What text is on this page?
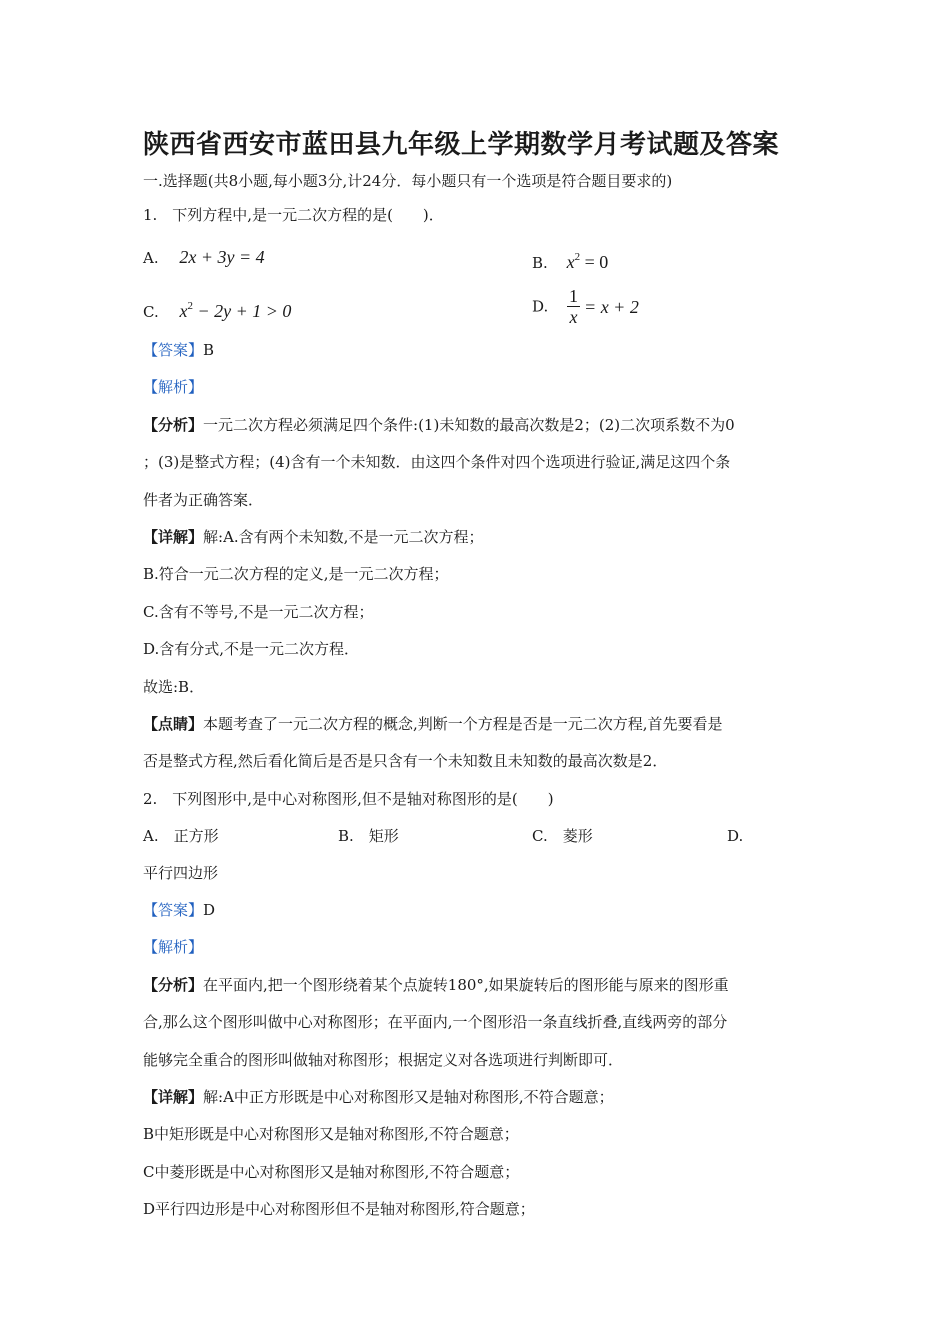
陕西省西安市蓝田县九年级上学期数学月考试题及答案
一.选择题(共8小题,每小题3分,计24分．每小题只有一个选项是符合题目要求的)
1.　下列方程中,是一元二次方程的是(　　)．
A. 2x + 3y = 4	B. $x^2 = 0$
C. $x^2 - 2y + 1 > 0$	D. $\frac{1}{x} = x + 2$
【答案】B
【解析】
【分析】一元二次方程必须满足四个条件:(1)未知数的最高次数是2；(2)二次项系数不为0
；(3)是整式方程；(4)含有一个未知数．由这四个条件对四个选项进行验证,满足这四个条
件者为正确答案．
【详解】解:A.含有两个未知数,不是一元二次方程；
B.符合一元二次方程的定义,是一元二次方程；
C.含有不等号,不是一元二次方程；
D.含有分式,不是一元二次方程．
故选:B．
【点睛】本题考查了一元二次方程的概念,判断一个方程是否是一元二次方程,首先要看是
否是整式方程,然后看化简后是否是只含有一个未知数且未知数的最高次数是2．
2.　下列图形中,是中心对称图形,但不是轴对称图形的是(　　)
A.　正方形	B.　矩形	C.　菱形	D.
平行四边形
【答案】D
【解析】
【分析】在平面内,把一个图形绕着某个点旋转180°,如果旋转后的图形能与原来的图形重
合,那么这个图形叫做中心对称图形；在平面内,一个图形沿一条直线折叠,直线两旁的部分
能够完全重合的图形叫做轴对称图形；根据定义对各选项进行判断即可．
【详解】解:A中正方形既是中心对称图形又是轴对称图形,不符合题意；
B中矩形既是中心对称图形又是轴对称图形,不符合题意；
C中菱形既是中心对称图形又是轴对称图形,不符合题意；
D平行四边形是中心对称图形但不是轴对称图形,符合题意；
